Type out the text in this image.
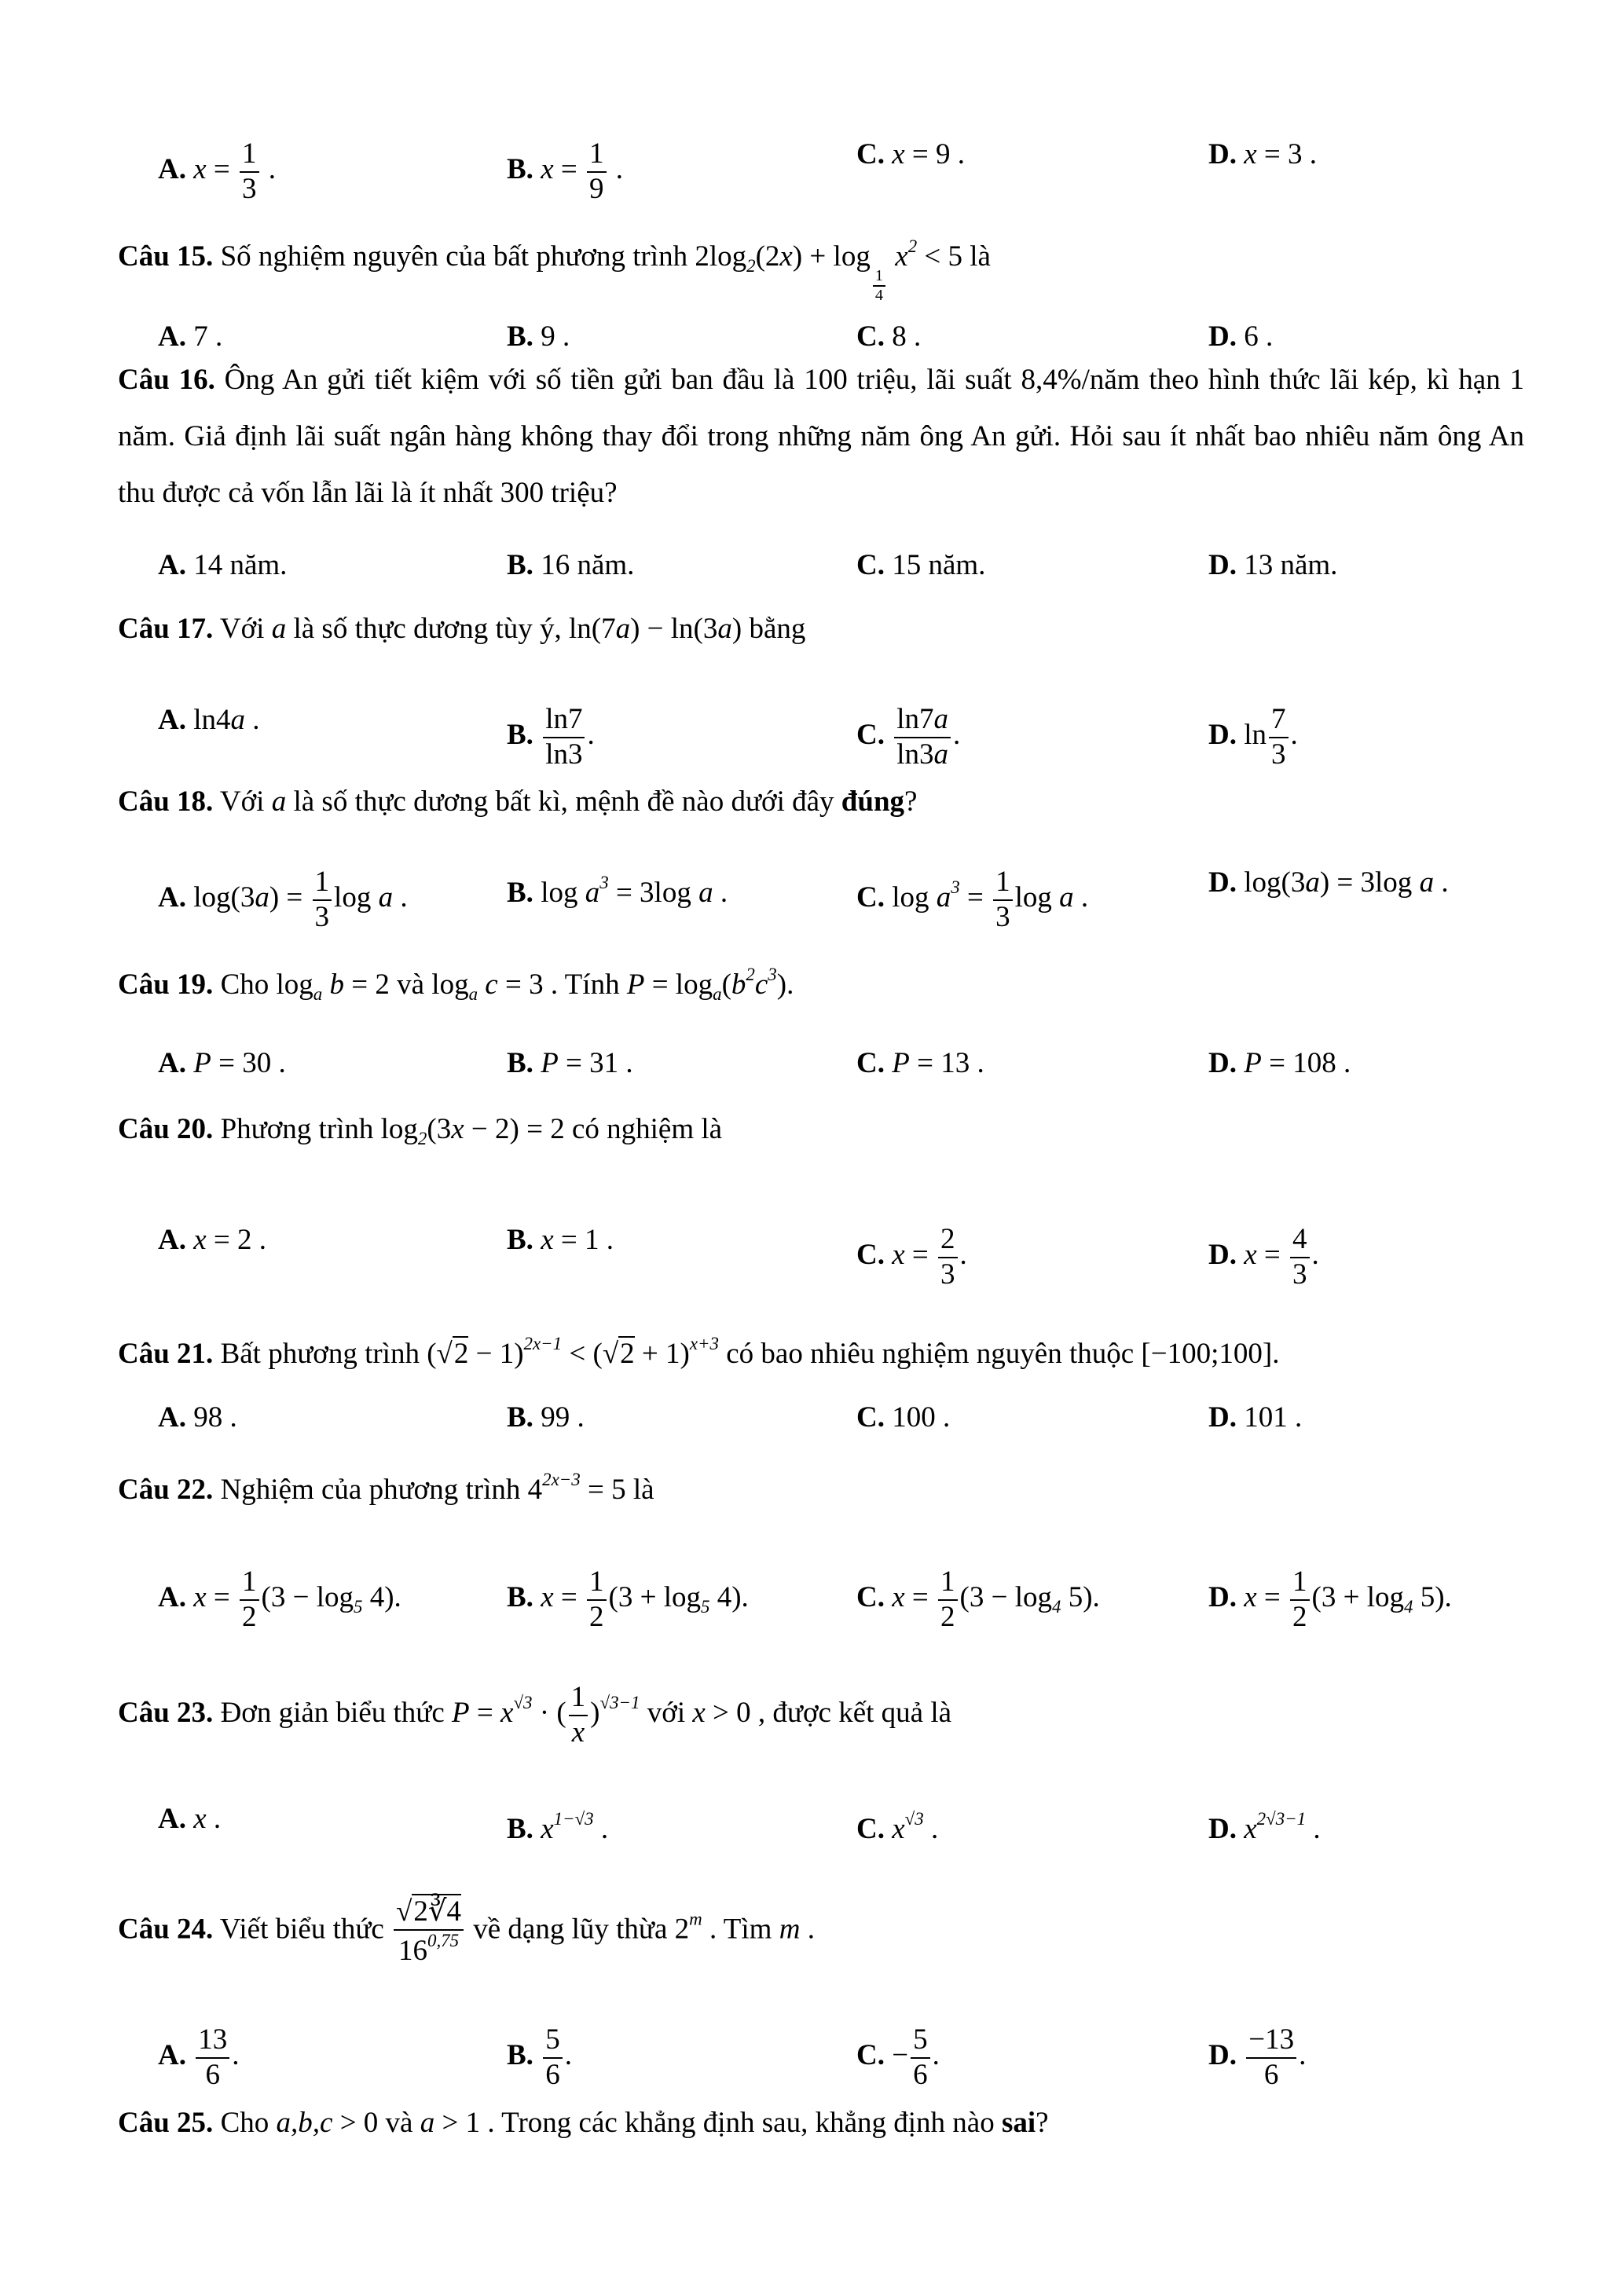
A. $x = \frac{1}{3}$ .	B. $x = \frac{1}{9}$ .	C. x = 9 .	D. x = 3 .
Câu 15. Số nghiệm nguyên của bất phương trình $2\log_2(2x) + \log$
$\frac{1}{4}$
$x^2 < 5$ là
A. 7 .	B. 9 .	C. 8 .	D. 6 .
Câu 16. Ông An gửi tiết kiệm với số tiền gửi ban đầu là 100 triệu, lãi suất 8,4%/năm theo hình thức lãi kép, kì hạn 1 năm. Giả định lãi suất ngân hàng không thay đổi trong những năm ông An gửi. Hỏi sau ít nhất bao nhiêu năm ông An thu được cả vốn lẫn lãi là ít nhất 300 triệu?
A. 14 năm.	B. 16 năm.	C. 15 năm.	D. 13 năm.
Câu 17. Với a là số thực dương tùy ý, ln(7a) − ln(3a) bằng
A. ln4a .	B. $\frac{\ln 7}{\ln 3}$ .	C. $\frac{\ln 7a}{\ln 3a}$ .	D. $\ln \frac{7}{3}$ .
Câu 18. Với a là số thực dương bất kì, mệnh đề nào dưới đây đúng?
A. $\log(3a) = \frac{1}{3}$ log a .	B. $\log a^3 = 3\log$ a .	C. $\log a^3 = \frac{1}{3}$ log a .	D. log(3a) = 3log a .
Câu 19. Cho $\log_a b = 2$ và $\log_a c = 3$ . Tính $P = \log_a(b^2c^3)$.
A. P = 30 .	B. P = 31 .	C. P = 13 .	D. P = 108 .
Câu 20. Phương trình $\log_2(3x - 2) = 2$ có nghiệm là
A. x = 2 .	B. x = 1 .	C. $x = \frac{2}{3}$ .	D. $x = \frac{4}{3}$ .
Câu 21. Bất phương trình $(√2 - 1)^{2x-1} < (√2 + 1)^{x+3}$ có bao nhiêu nghiệm nguyên thuộc [−100;100].
A. 98 .	B. 99 .	C. 100 .	D. 101 .
Câu 22. Nghiệm của phương trình $4^{2x-3} = 5$ là
A. $x = \frac{1}{2} (3 - \log_5 4)$.	B. $x = \frac{1}{2} (3 + \log_5 4)$.	C. $x = \frac{1}{2} (3 - \log_4 5)$.	D. $x = \frac{1}{2} (3 + \log_4 5)$.
Câu 23. Đơn giản biểu thức $P = x^{√3}$ · ( $\frac{1}{x} )^{√3-1}$ với x > 0 , được kết quả là
A. x .	B. $x^{1-√3}$ .	C. $x^{√3}$ .	D. $x^{2√3-1}$ .
Câu 24. Viết biểu thức $\frac{√2∛4}{16^{0,75}}$ về dạng lũy thừa 2$^m$ . Tìm m .
A. $\frac{13}{6}$ .	B. $\frac{5}{6}$ .	C. − $\frac{5}{6}$ .	D. $\frac{-13}{6}$ .
Câu 25. Cho a,b,c > 0 và a > 1 . Trong các khẳng định sau, khẳng định nào sai?
